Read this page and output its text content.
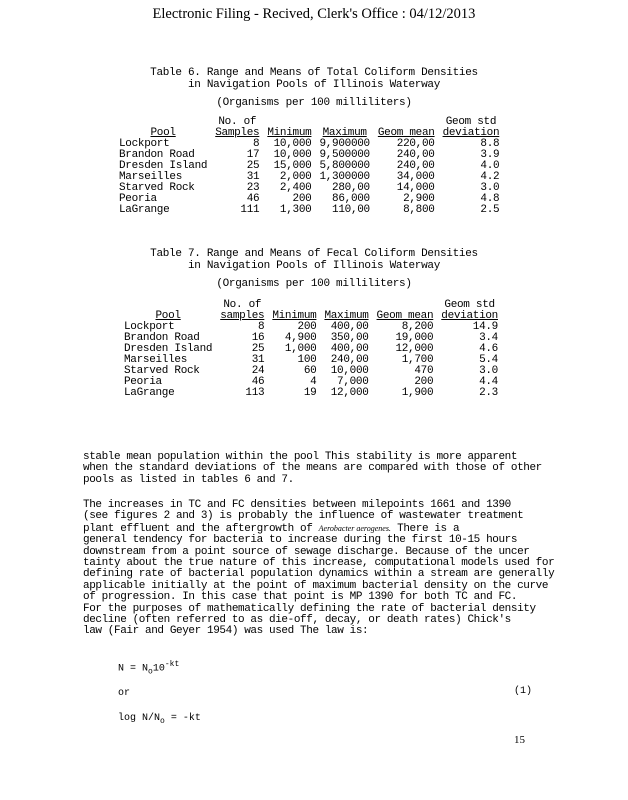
Electronic Filing - Recived, Clerk's Office : 04/12/2013
Table 6. Range and Means of Total Coliform Densities
in Navigation Pools of Illinois Waterway
(Organisms per 100 milliliters)
	No. of				Geom std
Pool	Samples	Minimum	Maximum	Geom mean	deviation
Lockport	8	10,000	9,900000	220,00	8.8
Brandon Road	17	10,000	9,500000	240,00	3.9
Dresden Island	25	15,000	5,800000	240,00	4.0
Marseilles	31	2,000	1,300000	34,000	4.2
Starved Rock	23	2,400	280,00	14,000	3.0
Peoria	46	200	86,000	2,900	4.8
LaGrange	111	1,300	110,00	8,800	2.5
Table 7. Range and Means of Fecal Coliform Densities
in Navigation Pools of Illinois Waterway
(Organisms per 100 milliliters)
	No. of				Geom std
Pool	samples	Minimum	Maximum	Geom mean	deviation
Lockport	8	200	400,00	8,200	14.9
Brandon Road	16	4,900	350,00	19,000	3.4
Dresden Island	25	1,000	400,00	12,000	4.6
Marseilles	31	100	240,00	1,700	5.4
Starved Rock	24	60	10,000	470	3.0
Peoria	46	4	7,000	200	4.4
LaGrange	113	19	12,000	1,900	2.3
stable mean population within the pool This stability is more apparent
when the standard deviations of the means are compared with those of other
pools as listed in tables 6 and 7.
The increases in TC and FC densities between milepoints 1661 and 1390
(see figures 2 and 3) is probably the influence of wastewater treatment
plant effluent and the aftergrowth of Aerobacter aerogenes. There is a
general tendency for bacteria to increase during the first 10-15 hours
downstream from a point source of sewage discharge. Because of the uncer
tainty about the true nature of this increase, computational models used for
defining rate of bacterial population dynamics within a stream are generally
applicable initially at the point of maximum bacterial density on the curve
of progression. In this case that point is MP 1390 for both TC and FC.
For the purposes of mathematically defining the rate of bacterial density
decline (often referred to as die-off, decay, or death rates) Chick's
law (Fair and Geyer 1954) was used The law is:
$N = N_o10^{-kt}$
or	(1)
$\log N/N_o = -kt$
15
